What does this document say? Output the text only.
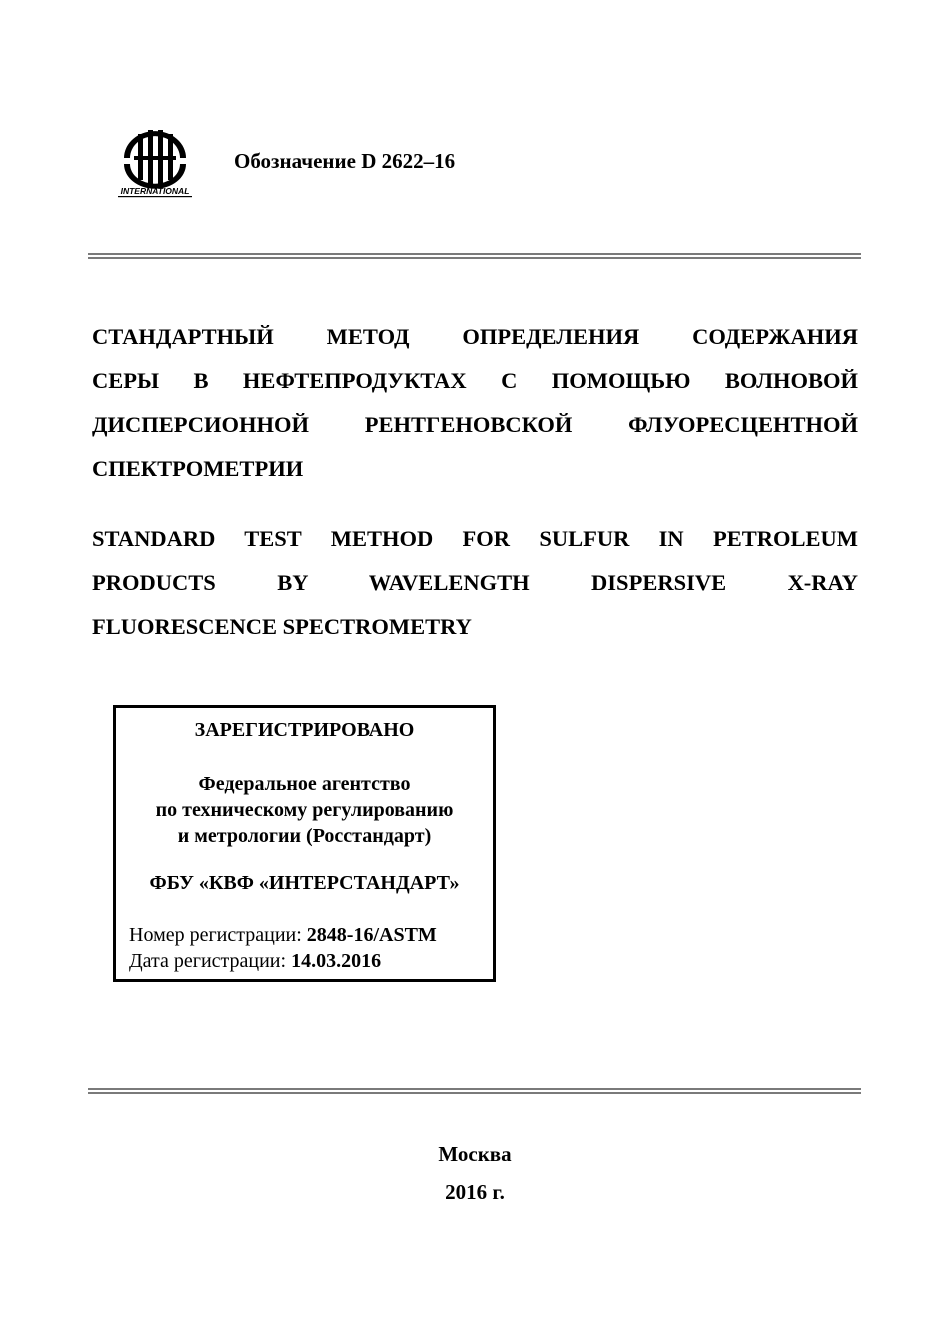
INTERNATIONAL
Обозначение D 2622–16
СТАНДАРТНЫЙ МЕТОД ОПРЕДЕЛЕНИЯ СОДЕРЖАНИЯ
СЕРЫ В НЕФТЕПРОДУКТАХ С ПОМОЩЬЮ ВОЛНОВОЙ
ДИСПЕРСИОННОЙ РЕНТГЕНОВСКОЙ ФЛУОРЕСЦЕНТНОЙ
СПЕКТРОМЕТРИИ
STANDARD TEST METHOD FOR SULFUR IN PETROLEUM
PRODUCTS BY WAVELENGTH DISPERSIVE X-RAY
FLUORESCENCE SPECTROMETRY
ЗАРЕГИСТРИРОВАНО
Федеральное агентство
по техническому регулированию
и метрологии (Росстандарт)
ФБУ «КВФ «ИНТЕРСТАНДАРТ»
Номер регистрации: 2848-16/ASTM
Дата регистрации: 14.03.2016
Москва
2016 г.
